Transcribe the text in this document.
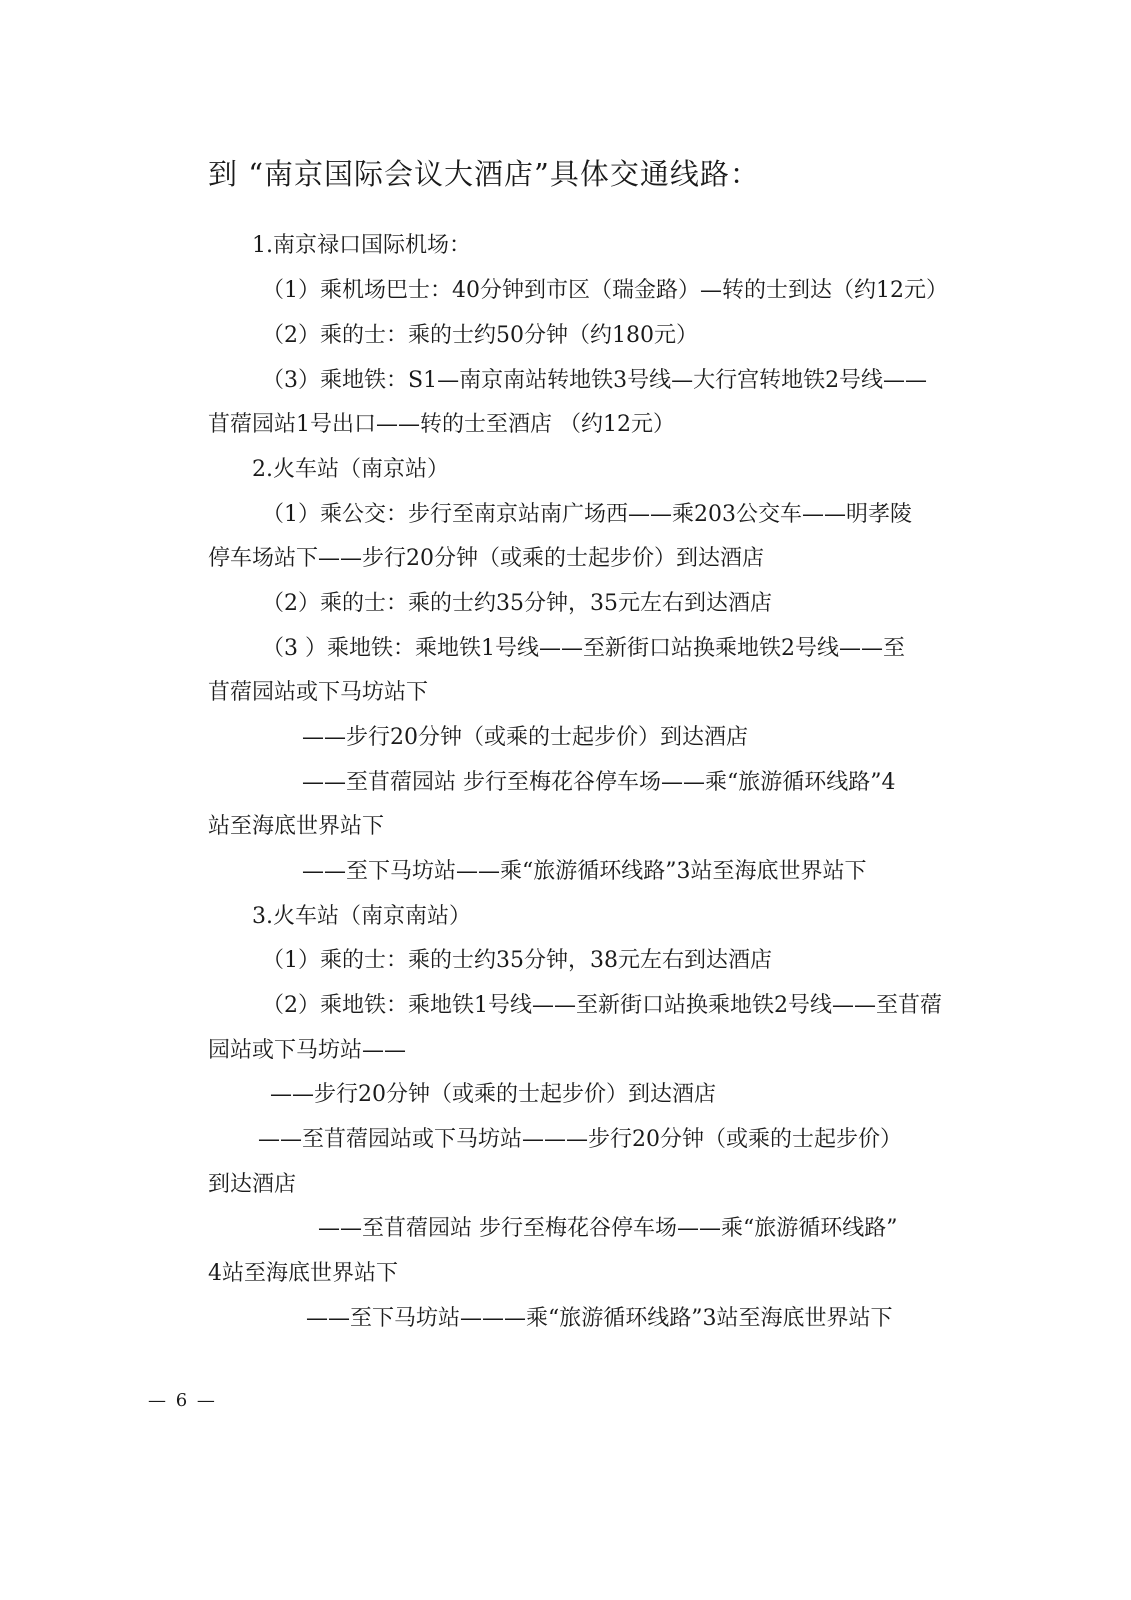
到 “南京国际会议大酒店”具体交通线路：
1.南京禄口国际机场：
（1）乘机场巴士：40分钟到市区（瑞金路）—转的士到达（约12元）
（2）乘的士：乘的士约50分钟（约180元）
（3）乘地铁：S1—南京南站转地铁3号线—大行宫转地铁2号线——
苜蓿园站1号出口——转的士至酒店 （约12元）
2.火车站（南京站）
（1）乘公交：步行至南京站南广场西——乘203公交车——明孝陵
停车场站下——步行20分钟（或乘的士起步价）到达酒店
（2）乘的士：乘的士约35分钟，35元左右到达酒店
（3 ）乘地铁：乘地铁1号线——至新街口站换乘地铁2号线——至
苜蓿园站或下马坊站下
——步行20分钟（或乘的士起步价）到达酒店
——至苜蓿园站 步行至梅花谷停车场——乘“旅游循环线路”4
站至海底世界站下
——至下马坊站——乘“旅游循环线路”3站至海底世界站下
3.火车站（南京南站）
（1）乘的士：乘的士约35分钟，38元左右到达酒店
（2）乘地铁：乘地铁1号线——至新街口站换乘地铁2号线——至苜蓿
园站或下马坊站——
——步行20分钟（或乘的士起步价）到达酒店
——至苜蓿园站或下马坊站———步行20分钟（或乘的士起步价）
到达酒店
——至苜蓿园站 步行至梅花谷停车场——乘“旅游循环线路”
4站至海底世界站下
——至下马坊站———乘“旅游循环线路”3站至海底世界站下
— 6 —
